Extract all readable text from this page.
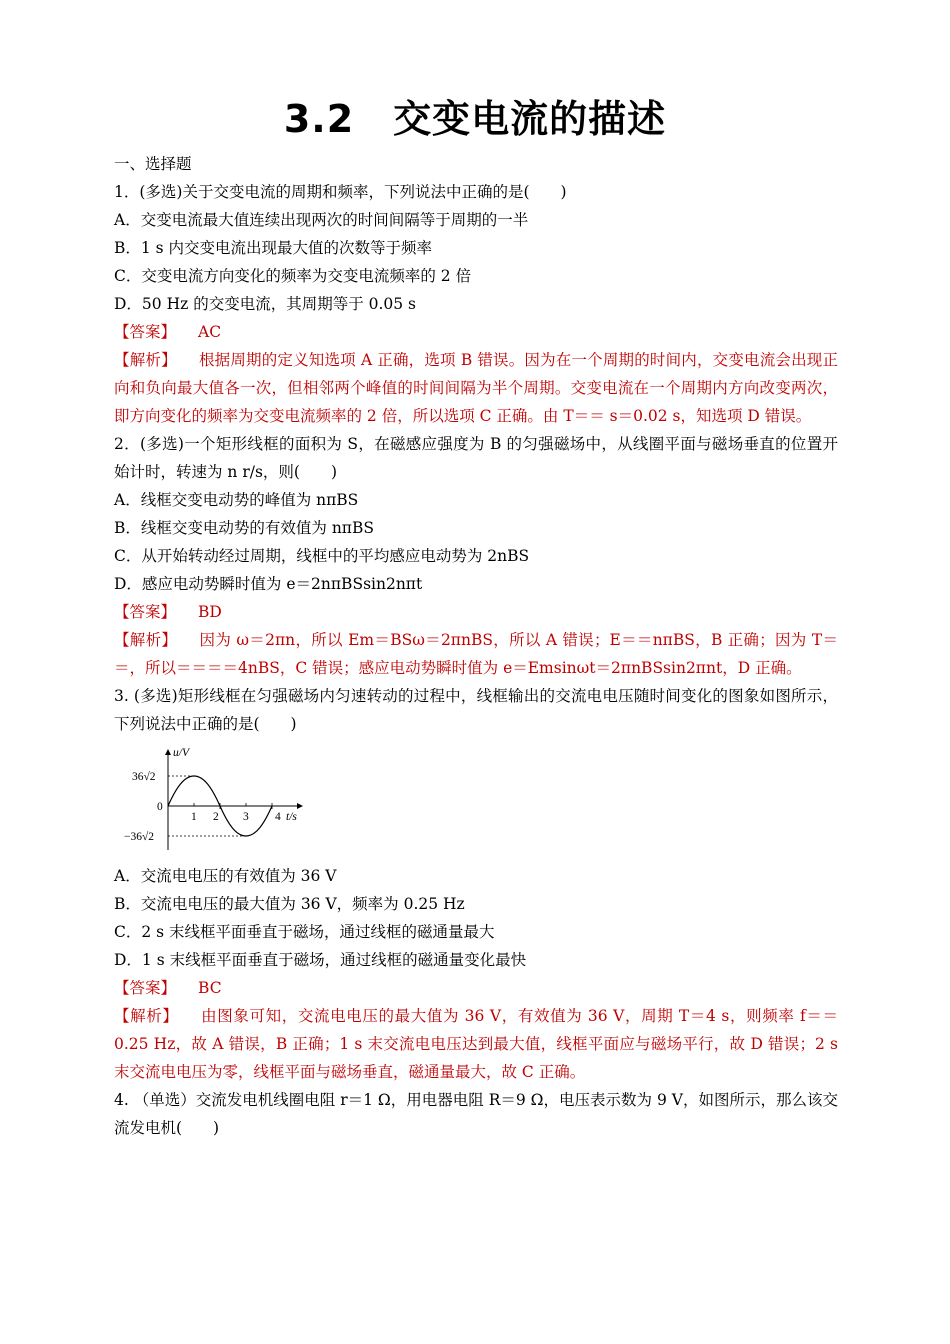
3.2　交变电流的描述
一、选择题
1．(多选)关于交变电流的周期和频率，下列说法中正确的是(　　)
A．交变电流最大值连续出现两次的时间间隔等于周期的一半
B．1 s 内交变电流出现最大值的次数等于频率
C．交变电流方向变化的频率为交变电流频率的 2 倍
D．50 Hz 的交变电流，其周期等于 0.05 s
【答案】 AC
【解析】 根据周期的定义知选项 A 正确，选项 B 错误。因为在一个周期的时间内，交变电流会出现正向和负向最大值各一次，但相邻两个峰值的时间间隔为半个周期。交变电流在一个周期内方向改变两次，即方向变化的频率为交变电流频率的 2 倍，所以选项 C 正确。由 T＝＝ s＝0.02 s，知选项 D 错误。
2．(多选)一个矩形线框的面积为 S，在磁感应强度为 B 的匀强磁场中，从线圈平面与磁场垂直的位置开始计时，转速为 n r/s，则(　　)
A．线框交变电动势的峰值为 nπBS
B．线框交变电动势的有效值为 nπBS
C．从开始转动经过周期，线框中的平均感应电动势为 2nBS
D．感应电动势瞬时值为 e＝2nπBSsin2nπt
【答案】 BD
【解析】 因为 ω＝2πn，所以 Em＝BSω＝2πnBS，所以 A 错误；E＝＝nπBS，B 正确；因为 T＝＝，所以＝＝＝＝4nBS，C 错误；感应电动势瞬时值为 e＝Emsinωt＝2πnBSsin2πnt，D 正确。
3. (多选)矩形线框在匀强磁场内匀速转动的过程中，线框输出的交流电电压随时间变化的图象如图所示，下列说法中正确的是(　　)
u/V
t/s
36√2
−36√2
0
1 2 3 4
A．交流电电压的有效值为 36 V
B．交流电电压的最大值为 36 V，频率为 0.25 Hz
C．2 s 末线框平面垂直于磁场，通过线框的磁通量最大
D．1 s 末线框平面垂直于磁场，通过线框的磁通量变化最快
【答案】 BC
【解析】 由图象可知，交流电电压的最大值为 36 V，有效值为 36 V，周期 T＝4 s，则频率 f＝＝0.25 Hz，故 A 错误，B 正确；1 s 末交流电电压达到最大值，线框平面应与磁场平行，故 D 错误；2 s 末交流电电压为零，线框平面与磁场垂直，磁通量最大，故 C 正确。
4. （单选）交流发电机线圈电阻 r＝1 Ω，用电器电阻 R＝9 Ω，电压表示数为 9 V，如图所示，那么该交流发电机(　　)
